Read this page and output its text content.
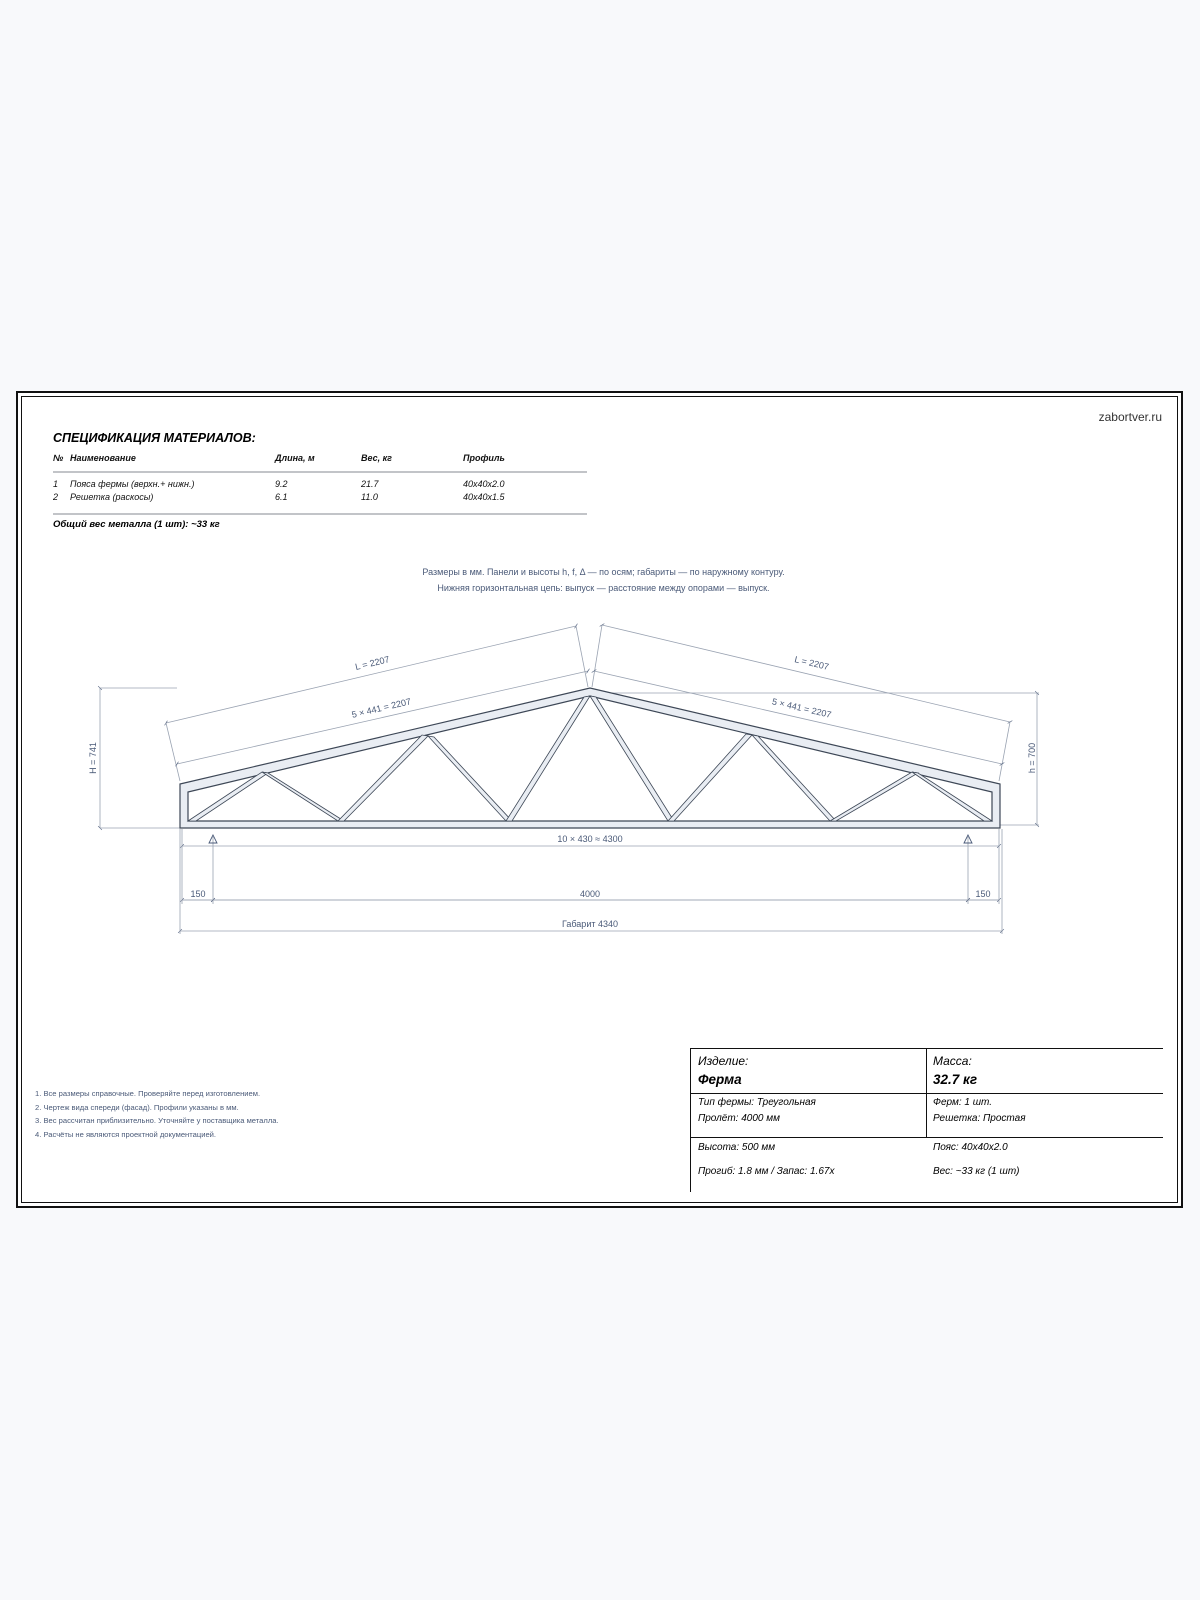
zabortver.ru
СПЕЦИФИКАЦИЯ МАТЕРИАЛОВ:
№ Наименование	Длина, м	Вес, кг	Профиль
1 Пояса фермы (верхн.+ нижн.)	9.2	21.7	40x40x2.0
2 Решетка (раскосы)	6.1	11.0	40x40x1.5
Общий вес металла (1 шт): ~33 кг
Размеры в мм. Панели и высоты h, f, Δ — по осям; габариты — по наружному контуру.
Нижняя горизонтальная цепь: выпуск — расстояние между опорами — выпуск.
L = 2207	L = 2207
5 × 441 = 2207	5 × 441 = 2207
H = 741	h = 700
10 × 430 ≈ 4300
150	4000	150
Габарит 4340
1. Все размеры справочные. Проверяйте перед изготовлением.
2. Чертеж вида спереди (фасад). Профили указаны в мм.
3. Вес рассчитан приблизительно. Уточняйте у поставщика металла.
4. Расчёты не являются проектной документацией.
Изделие:
Ферма
Масса:
32.7 кг
Тип фермы: Треугольная
Пролёт: 4000 мм
Ферм: 1 шт.
Решетка: Простая
Высота: 500 мм
Прогиб: 1.8 мм / Запас: 1.67x
Пояс: 40x40x2.0
Вес: ~33 кг (1 шт)
